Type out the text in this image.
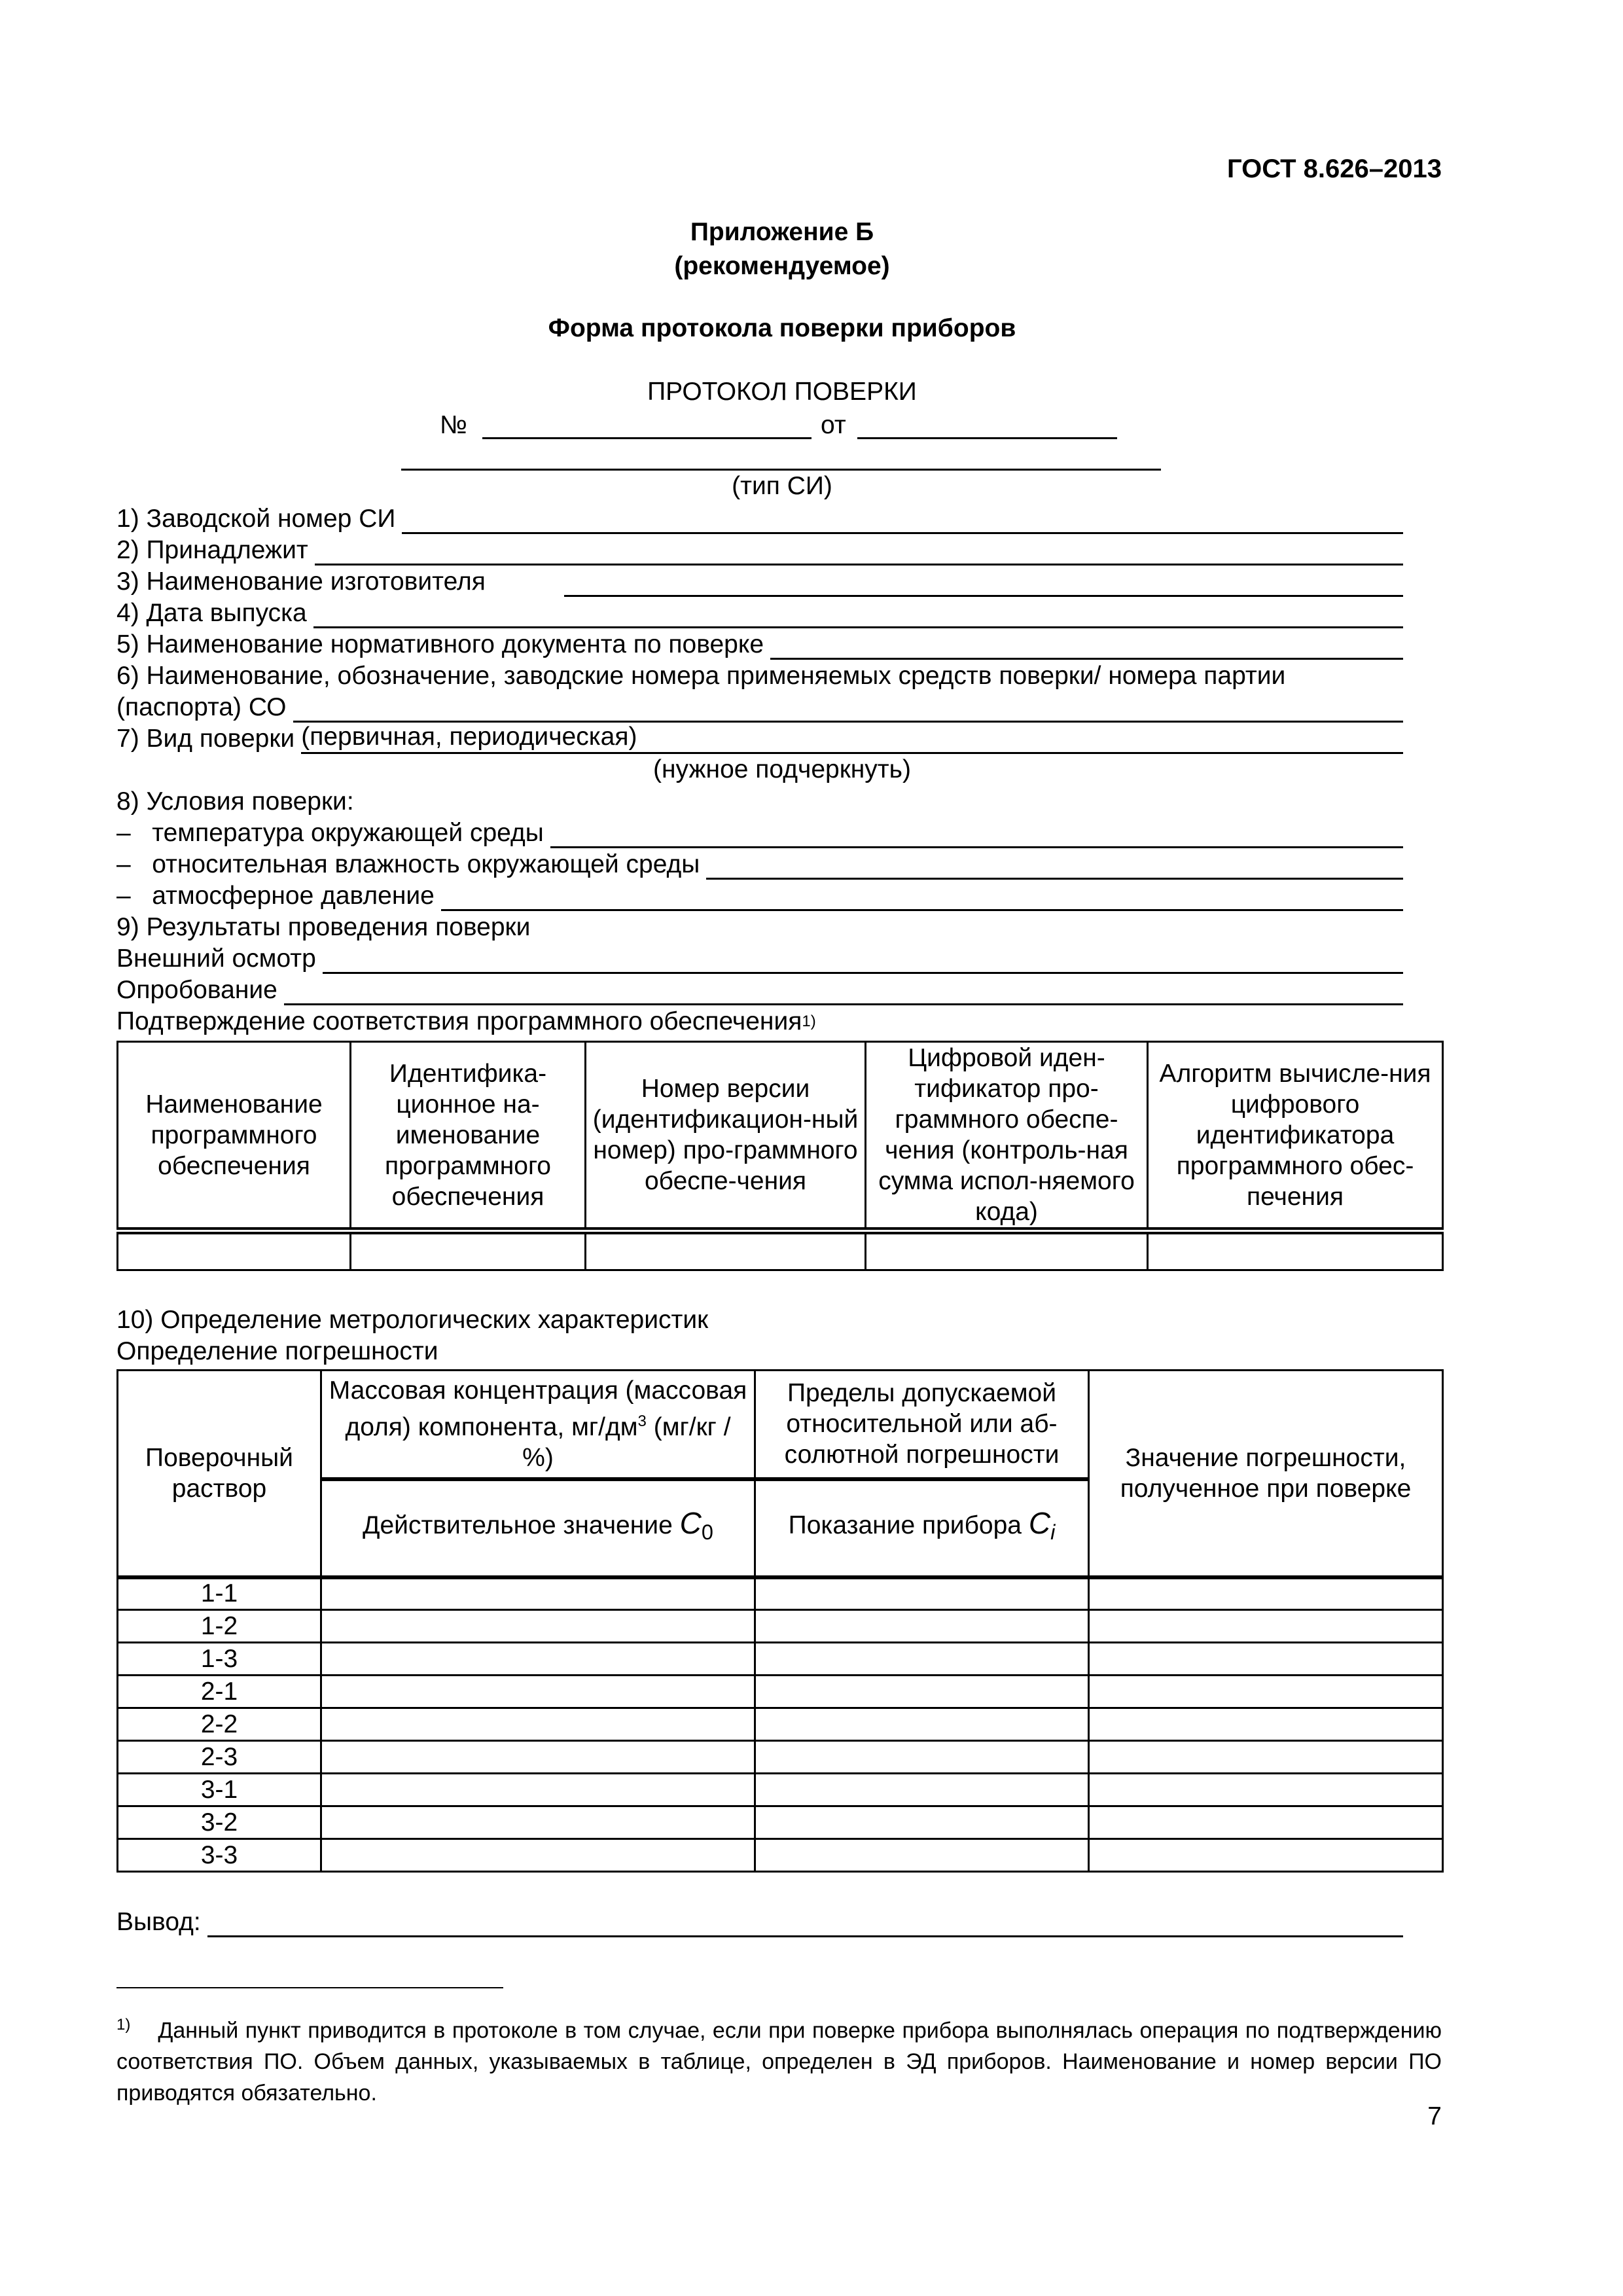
ГОСТ 8.626–2013
Приложение Б
(рекомендуемое)
Форма протокола поверки приборов
ПРОТОКОЛ ПОВЕРКИ
№	от
(тип СИ)
1) Заводской номер СИ
2) Принадлежит
3) Наименование изготовителя
4) Дата выпуска
5) Наименование нормативного документа по поверке
6) Наименование, обозначение, заводские номера применяемых средств поверки/ номера партии
(паспорта) СО
7) Вид поверки (первичная, периодическая)
(нужное подчеркнуть)
8) Условия поверки:
–   температура окружающей среды
–   относительная влажность окружающей среды
–   атмосферное давление
9) Результаты проведения поверки
Внешний осмотр
Опробование
Подтверждение соответствия программного обеспечения 1)
Наименование программного обеспечения	Идентифика-ционное на-именование программного обеспечения	Номер версии (идентификацион-ный номер) про-граммного обеспе-чения	Цифровой иден-тификатор про-граммного обеспе-чения (контроль-ная сумма испол-няемого кода)	Алгоритм вычисле-ния цифрового идентификатора программного обес-печения

10) Определение метрологических характеристик
Определение погрешности
Поверочный раствор	Массовая концентрация (массовая доля) компонента, $мг/дм^3$ (мг/кг / %)	Пределы допускаемой относительной или аб-солютной погрешности	Значение погрешности, полученное при поверке
	Действительное значение $C_0$	Показание прибора $C_i$
1-1			
1-2			
1-3			
2-1			
2-2			
2-3			
3-1			
3-2			
3-3			
Вывод:
$^{1)}$ Данный пункт приводится в протоколе в том случае, если при поверке прибора выполнялась операция по подтверждению соответствия ПО. Объем данных, указываемых в таблице, определен в ЭД приборов. Наименование и номер версии ПО приводятся обязательно.
7
